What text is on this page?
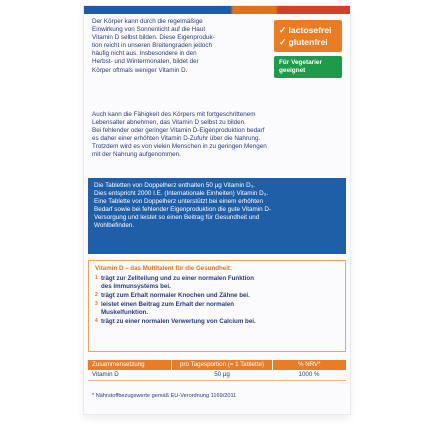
Der Körper kann durch die regelmäßige
Einwirkung von Sonnenlicht auf die Haut
Vitamin D selbst bilden. Diese Eigenproduk-
tion reicht in unseren Breitengraden jedoch
häufig nicht aus. Insbesondere in den
Herbst- und Wintermonaten, bildet der
Körper oftmals weniger Vitamin D.
✓ lactosefrei
✓ glutenfrei
Für Vegetarier geeignet
Auch kann die Fähigkeit des Körpers mit fortgeschrittenem
Lebensalter abnehmen, das Vitamin D selbst zu bilden.
Bei fehlender oder geringer Vitamin D-Eigenproduktion bedarf
es daher einer erhöhten Vitamin D-Zufuhr über die Nahrung.
Trotzdem wird es von vielen Menschen in zu geringen Mengen
mit der Nahrung aufgenommen.

Die Tabletten von Doppelherz enthalten 50 µg Vitamin D₃.

Dies entspricht 2000 I.E. (Internationale Einheiten) Vitamin D₃.

Eine Tablette von Doppelherz unterstützt bei einem erhöhten

Bedarf sowie bei fehlender Eigenproduktion die gute Vitamin D-

Versorgung und leistet so einen Beitrag für Gesundheit und

Wohlbefinden.

Vitamin D – das Multitalent für die Gesundheit:
1 trägt zur Zellteilung und zu einer normalen Funktion
des Immunsystems bei.
2 trägt zum Erhalt normaler Knochen und Zähne bei.
3 leistet einen Beitrag zum Erhalt der normalen
Muskelfunktion.
4 trägt zu einer normalen Verwertung von Calcium bei.
Zusammensetzung	pro Tagesportion (= 1 Tablette)	% NRV*
Vitamin D	50 µg	1000 %
* Nährstoffbezugswerte gemäß EU-Verordnung 1169/2011
